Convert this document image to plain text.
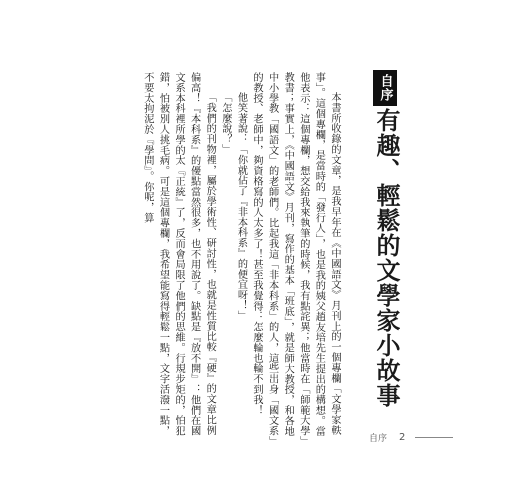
自序
有趣、輕鬆的文學家小故事

本書所收錄的文章，是我早年在《中國語文》月刊上的一個專欄「文學家軼事」。這個專欄，是當時的「發行人」，也是我的姨父趙友培先生提出的構想。當他表示：這個專欄，想交給我來執筆的時候，我有點詫異；他當時在「師範大學」教書；事實上，《中國語文》月刊，寫作的基本「班底」，就是師大教授，和各地中小學教「國語文」的老師們。比起我這「非本科系」的人，這些出身「國文系」的教授、老師中，夠資格寫的人太多了！甚至我覺得：怎麼輪也輪不到我！

他笑著說：「你就佔了『非本科系』的便宜呀！」

「怎麼說？」

「我們的刊物裡，屬於學術性、研討性，也就是性質比較『硬』的文章比例偏高！『本科系』的優點當然很多，也不用說了。缺點是『放不開』：他們在國文系本科裡所學的太『正統』了，反而會局限了他們的思維。行規步矩的，怕犯錯，怕被別人挑毛病。可是這個專欄，我希望能寫得輕鬆一點，文字活潑一點，不要太拘泥於『學問』。你呢，算

自序 2
